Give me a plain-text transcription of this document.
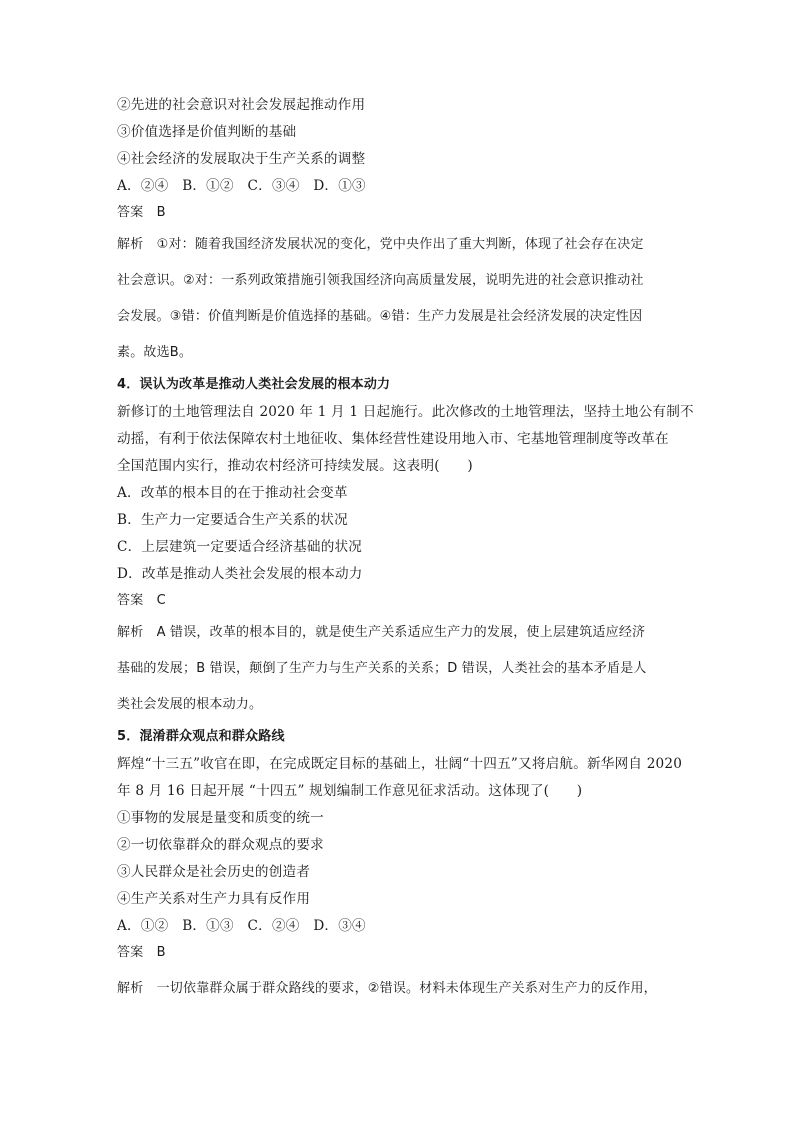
②先进的社会意识对社会发展起推动作用
③价值选择是价值判断的基础
④社会经济的发展取决于生产关系的调整
A．②④　B．①②　C．③④　D．①③
答案　B
解析　①对：随着我国经济发展状况的变化，党中央作出了重大判断，体现了社会存在决定
社会意识。②对：一系列政策措施引领我国经济向高质量发展，说明先进的社会意识推动社
会发展。③错：价值判断是价值选择的基础。④错：生产力发展是社会经济发展的决定性因
素。故选B。
4．误认为改革是推动人类社会发展的根本动力
新修订的土地管理法自 2020 年 1 月 1 日起施行。此次修改的土地管理法，坚持土地公有制不
动摇，有利于依法保障农村土地征收、集体经营性建设用地入市、宅基地管理制度等改革在
全国范围内实行，推动农村经济可持续发展。这表明(　　)
A．改革的根本目的在于推动社会变革
B．生产力一定要适合生产关系的状况
C．上层建筑一定要适合经济基础的状况
D．改革是推动人类社会发展的根本动力
答案　C
解析　A 错误，改革的根本目的，就是使生产关系适应生产力的发展，使上层建筑适应经济
基础的发展；B 错误，颠倒了生产力与生产关系的关系；D 错误，人类社会的基本矛盾是人
类社会发展的根本动力。
5．混淆群众观点和群众路线
辉煌“十三五”收官在即，在完成既定目标的基础上，壮阔“十四五”又将启航。新华网自 2020
年 8 月 16 日起开展 “十四五” 规划编制工作意见征求活动。这体现了(　　)
①事物的发展是量变和质变的统一
②一切依靠群众的群众观点的要求
③人民群众是社会历史的创造者
④生产关系对生产力具有反作用
A．①②　B．①③　C．②④　D．③④
答案　B
解析　一切依靠群众属于群众路线的要求，②错误。材料未体现生产关系对生产力的反作用，
